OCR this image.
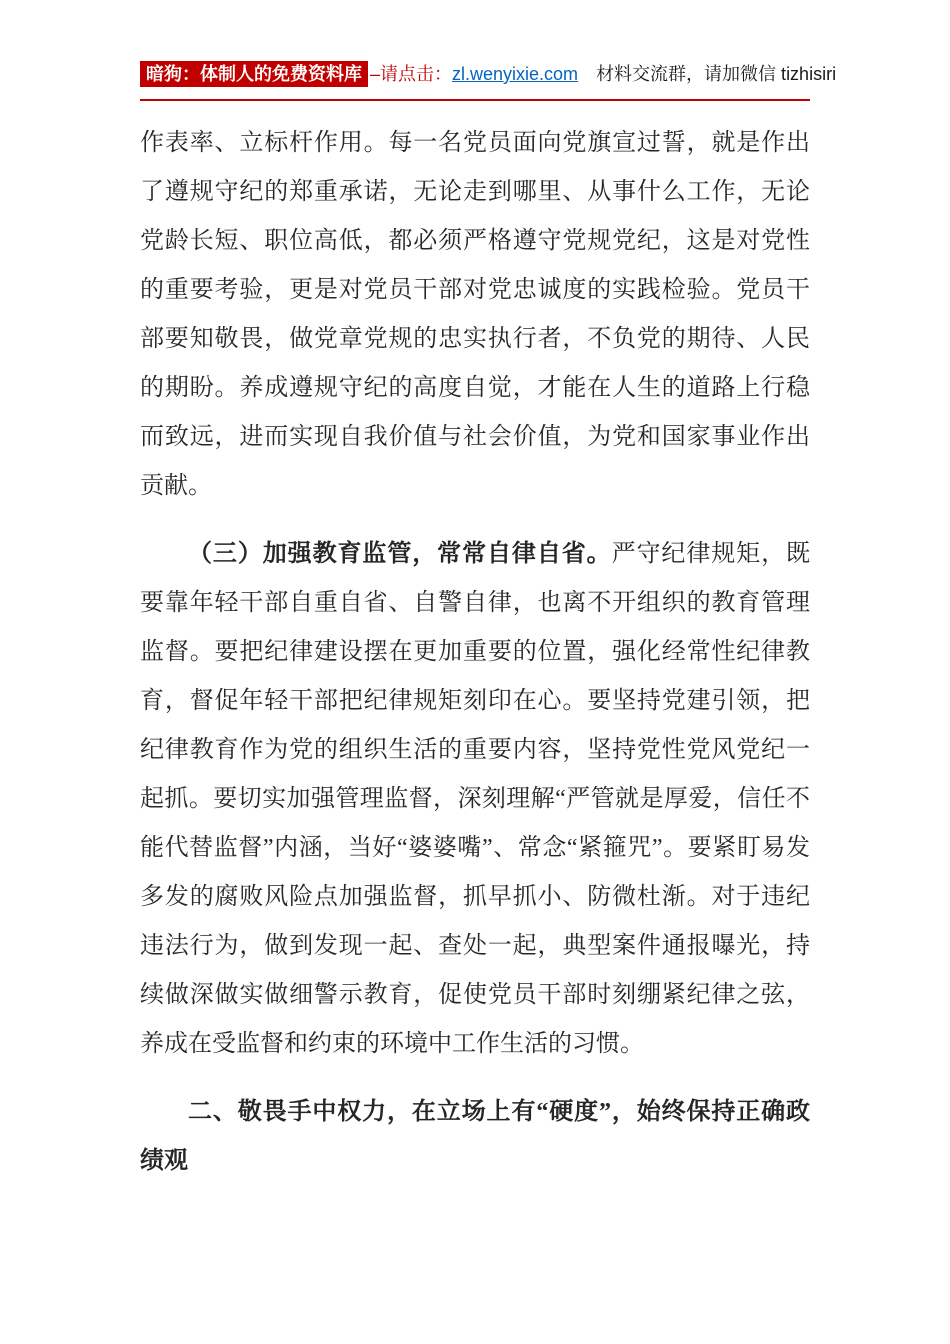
暗狗：体制人的免费资料库 –请点击：zl.wenyixie.com 材料交流群，请加微信 tizhisiri

作表率、立标杆作用。每一名党员面向党旗宣过誓，就是作出了遵规守纪的郑重承诺，无论走到哪里、从事什么工作，无论党龄长短、职位高低，都必须严格遵守党规党纪，这是对党性的重要考验，更是对党员干部对党忠诚度的实践检验。党员干部要知敬畏，做党章党规的忠实执行者，不负党的期待、人民的期盼。养成遵规守纪的高度自觉，才能在人生的道路上行稳而致远，进而实现自我价值与社会价值，为党和国家事业作出贡献。

（三）加强教育监管，常常自律自省。严守纪律规矩，既要靠年轻干部自重自省、自警自律，也离不开组织的教育管理监督。要把纪律建设摆在更加重要的位置，强化经常性纪律教育，督促年轻干部把纪律规矩刻印在心。要坚持党建引领，把纪律教育作为党的组织生活的重要内容，坚持党性党风党纪一起抓。要切实加强管理监督，深刻理解“严管就是厚爱，信任不能代替监督”内涵，当好“婆婆嘴”、常念“紧箍咒”。要紧盯易发多发的腐败风险点加强监督，抓早抓小、防微杜渐。对于违纪违法行为，做到发现一起、查处一起，典型案件通报曝光，持续做深做实做细警示教育，促使党员干部时刻绷紧纪律之弦，养成在受监督和约束的环境中工作生活的习惯。

二、敬畏手中权力，在立场上有“硬度”，始终保持正确政绩观
